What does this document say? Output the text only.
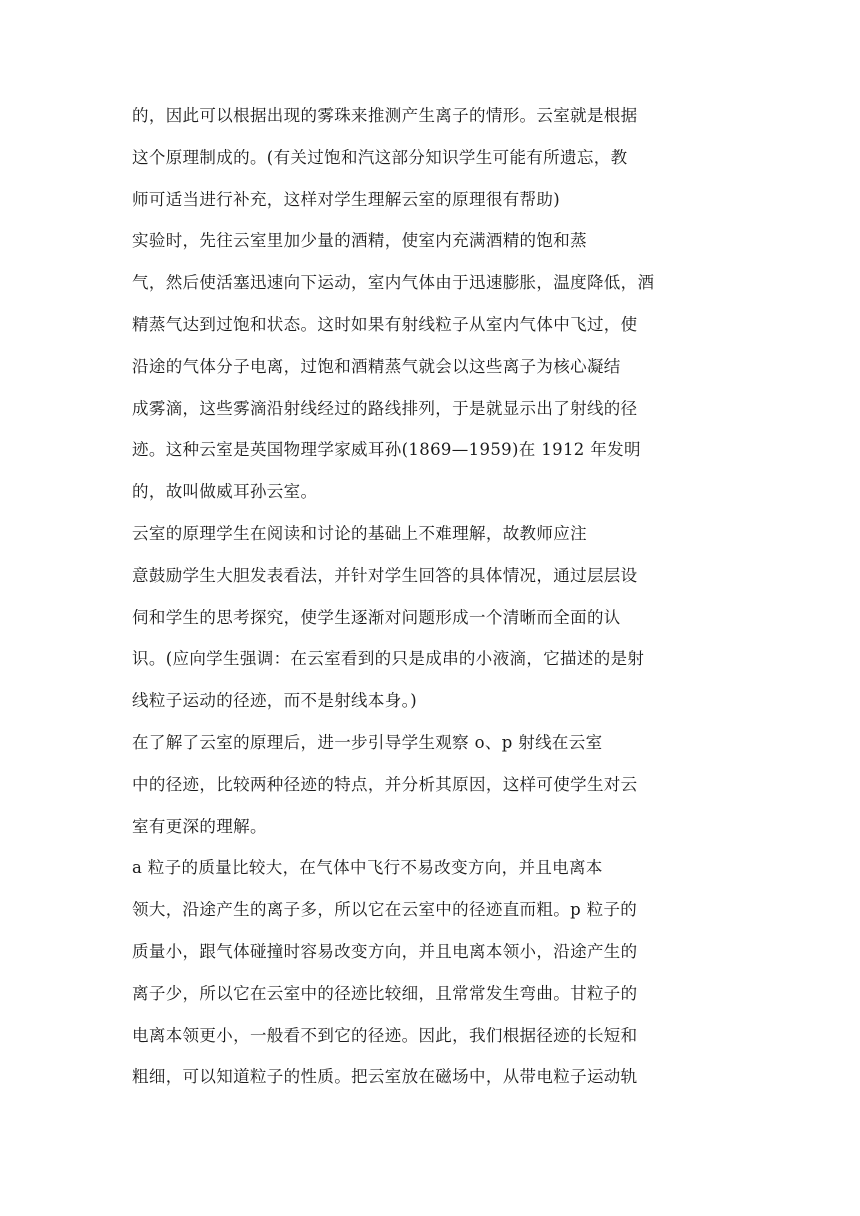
的，因此可以根据出现的雾珠来推测产生离子的情形。云室就是根据
这个原理制成的。(有关过饱和汽这部分知识学生可能有所遗忘，教
师可适当进行补充，这样对学生理解云室的原理很有帮助)
实验时，先往云室里加少量的酒精，使室内充满酒精的饱和蒸
气，然后使活塞迅速向下运动，室内气体由于迅速膨胀，温度降低，酒
精蒸气达到过饱和状态。这时如果有射线粒子从室内气体中飞过，使
沿途的气体分子电离，过饱和酒精蒸气就会以这些离子为核心凝结
成雾滴，这些雾滴沿射线经过的路线排列，于是就显示出了射线的径
迹。这种云室是英国物理学家威耳孙(1869—1959)在 1912 年发明
的，故叫做威耳孙云室。
云室的原理学生在阅读和讨论的基础上不难理解，故教师应注
意鼓励学生大胆发表看法，并针对学生回答的具体情况，通过层层设
伺和学生的思考探究，使学生逐渐对问题形成一个清晰而全面的认
识。(应向学生强调：在云室看到的只是成串的小液滴，它描述的是射
线粒子运动的径迹，而不是射线本身。)
在了解了云室的原理后，进一步引导学生观察 o、p 射线在云室
中的径迹，比较两种径迹的特点，并分析其原因，这样可使学生对云
室有更深的理解。
a 粒子的质量比较大，在气体中飞行不易改变方向，并且电离本
领大，沿途产生的离子多，所以它在云室中的径迹直而粗。p 粒子的
质量小，跟气体碰撞时容易改变方向，并且电离本领小，沿途产生的
离子少，所以它在云室中的径迹比较细，且常常发生弯曲。甘粒子的
电离本领更小，一般看不到它的径迹。因此，我们根据径迹的长短和
粗细，可以知道粒子的性质。把云室放在磁场中，从带电粒子运动轨
